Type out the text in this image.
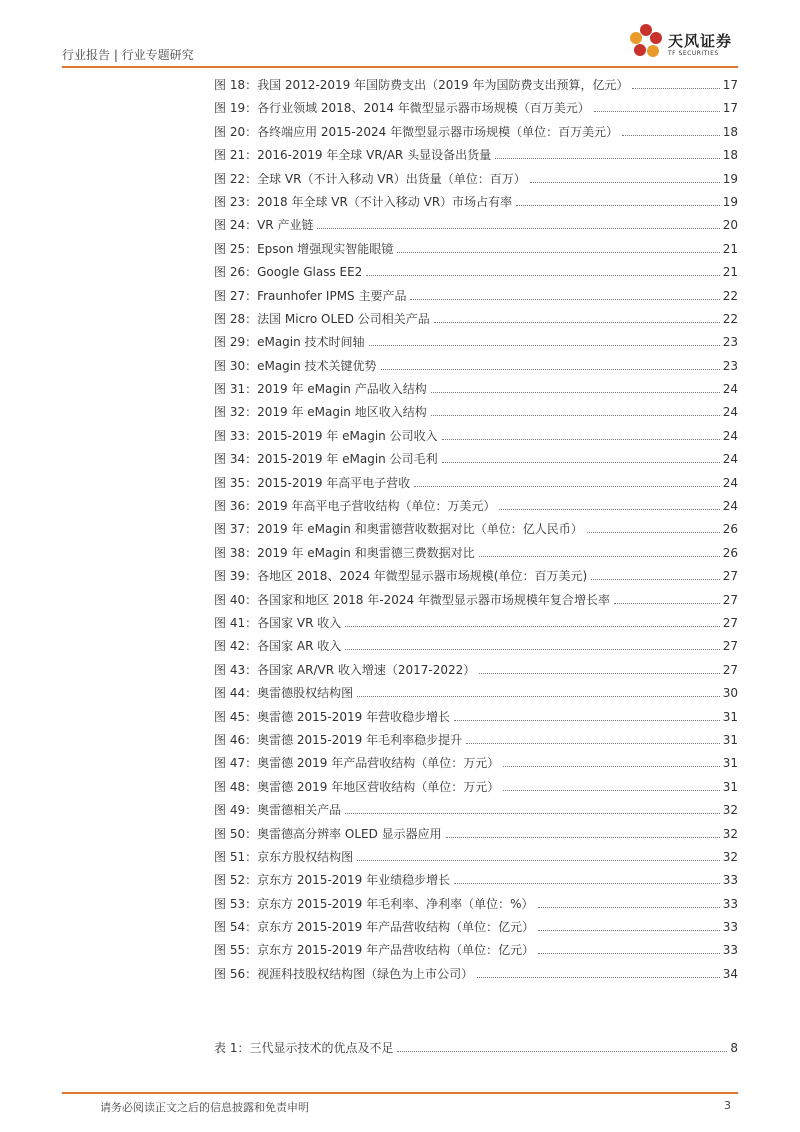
行业报告 | 行业专题研究
天风证券
TF SECURITIES
图 18：我国 2012-2019 年国防费支出（2019 年为国防费支出预算，亿元）	17
图 19：各行业领域 2018、2014 年微型显示器市场规模（百万美元）	17
图 20：各终端应用 2015-2024 年微型显示器市场规模（单位：百万美元）	18
图 21：2016-2019 年全球 VR/AR 头显设备出货量	18
图 22：全球 VR（不计入移动 VR）出货量（单位：百万）	19
图 23：2018 年全球 VR（不计入移动 VR）市场占有率	19
图 24：VR 产业链	20
图 25：Epson 增强现实智能眼镜	21
图 26：Google Glass EE2	21
图 27：Fraunhofer IPMS 主要产品	22
图 28：法国 Micro OLED 公司相关产品	22
图 29：eMagin 技术时间轴	23
图 30：eMagin 技术关键优势	23
图 31：2019 年 eMagin 产品收入结构	24
图 32：2019 年 eMagin 地区收入结构	24
图 33：2015-2019 年 eMagin 公司收入	24
图 34：2015-2019 年 eMagin 公司毛利	24
图 35：2015-2019 年高平电子营收	24
图 36：2019 年高平电子营收结构（单位：万美元）	24
图 37：2019 年 eMagin 和奥雷德营收数据对比（单位：亿人民币）	26
图 38：2019 年 eMagin 和奥雷德三费数据对比	26
图 39：各地区 2018、2024 年微型显示器市场规模(单位：百万美元)	27
图 40：各国家和地区 2018 年-2024 年微型显示器市场规模年复合增长率	27
图 41：各国家 VR 收入	27
图 42：各国家 AR 收入	27
图 43：各国家 AR/VR 收入增速（2017-2022）	27
图 44：奥雷德股权结构图	30
图 45：奥雷德 2015-2019 年营收稳步增长	31
图 46：奥雷德 2015-2019 年毛利率稳步提升	31
图 47：奥雷德 2019 年产品营收结构（单位：万元）	31
图 48：奥雷德 2019 年地区营收结构（单位：万元）	31
图 49：奥雷德相关产品	32
图 50：奥雷德高分辨率 OLED 显示器应用	32
图 51：京东方股权结构图	32
图 52：京东方 2015-2019 年业绩稳步增长	33
图 53：京东方 2015-2019 年毛利率、净利率（单位：%）	33
图 54：京东方 2015-2019 年产品营收结构（单位：亿元）	33
图 55：京东方 2015-2019 年产品营收结构（单位：亿元）	33
图 56：视涯科技股权结构图（绿色为上市公司）	34
表 1：三代显示技术的优点及不足	8
请务必阅读正文之后的信息披露和免责申明	3
